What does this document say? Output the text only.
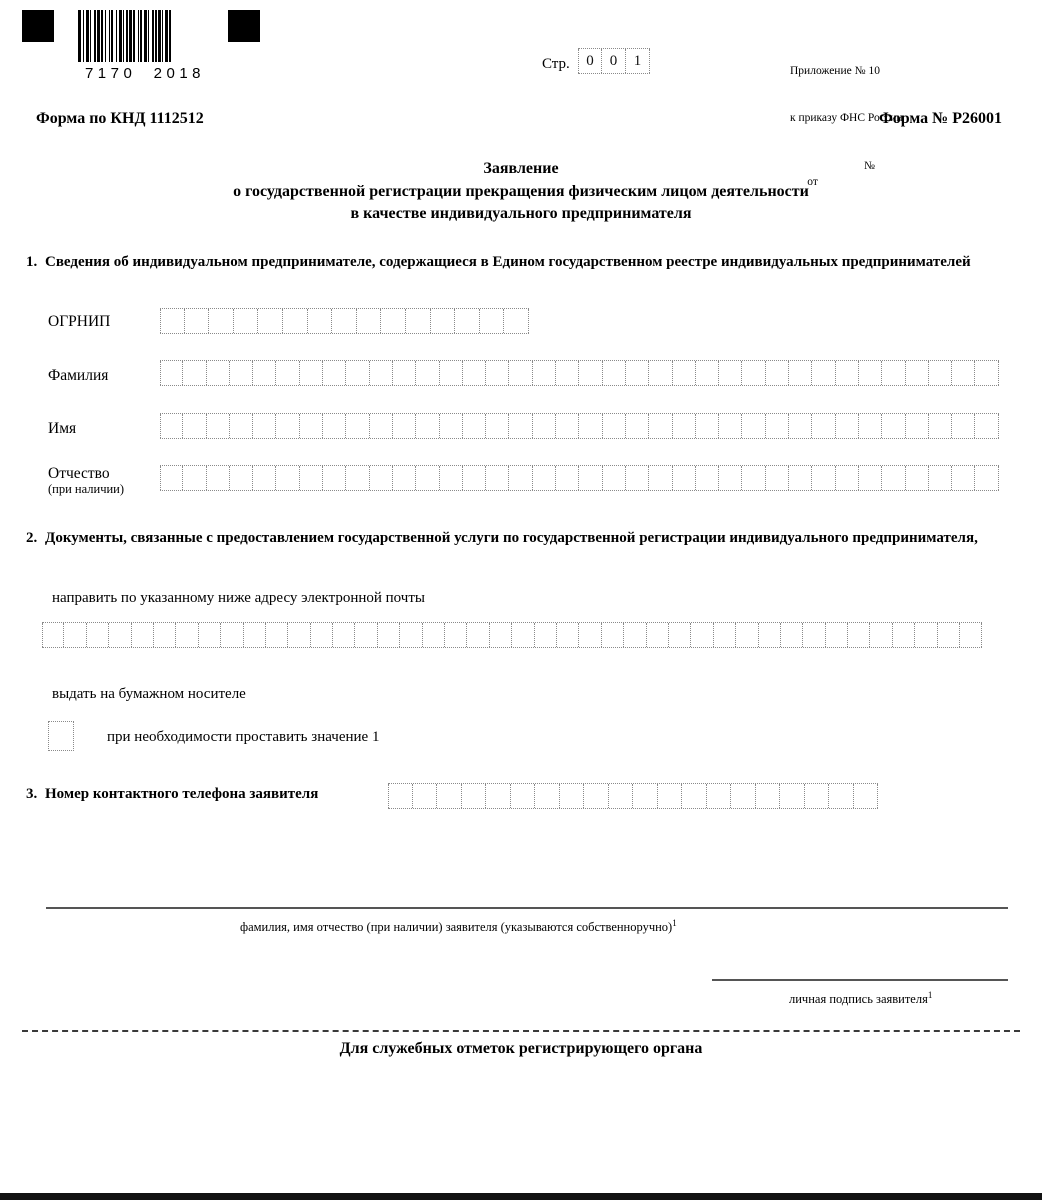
7170  2018
Форма по КНД 1112512	Форма № Р26001
Стр.	0	0	1

Приложение № 10

к приказу ФНС России

от

№

Заявление
о государственной регистрации прекращения физическим лицом деятельности
в качестве индивидуального предпринимателя
1. Сведения об индивидуальном предпринимателе, содержащиеся в Едином государственном реестре индивидуальных предпринимателей
ОГРНИП
Фамилия
Имя
Отчество
(при наличии)
2. Документы, связанные с предоставлением государственной услуги по государственной регистрации индивидуального предпринимателя,
направить по указанному ниже адресу электронной почты
выдать на бумажном носителе
при необходимости проставить значение 1
3. Номер контактного телефона заявителя
фамилия, имя отчество (при наличии) заявителя (указываются собственноручно)$^1$
личная подпись заявителя$^1$
Для служебных отметок регистрирующего органа
